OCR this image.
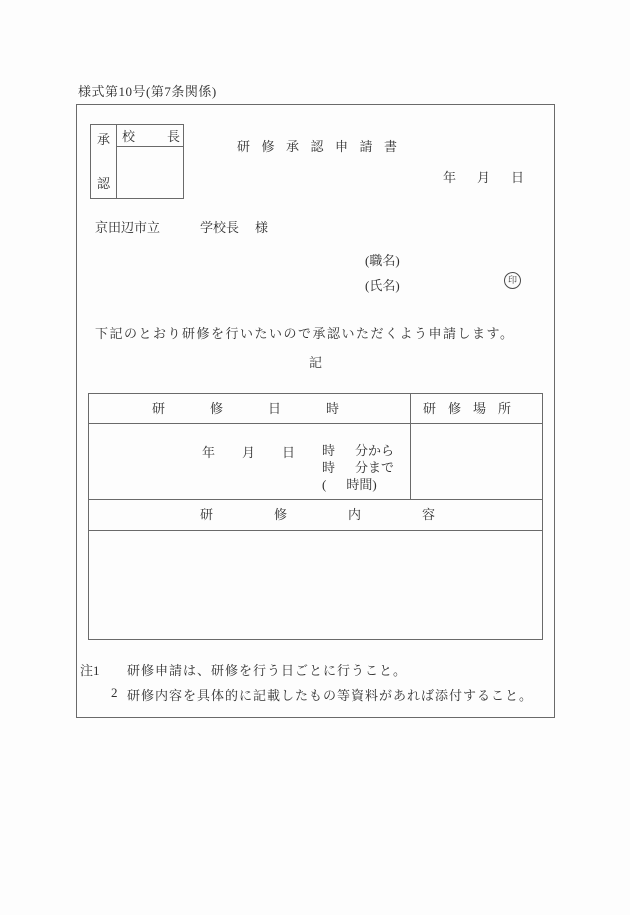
様式第10号(第7条関係)
承
認
校 長
研修承認申請書
年 月 日
京田辺市立	学校長 様
(職名)
(氏名)	印
下記のとおり研修を行いたいので承認いただくよう申請します。
記
研修日時	研修場所
年 月 日 時 分から
時 分まで
( 時間)
研修内容
注1	研修申請は、研修を行う日ごとに行うこと。
2 研修内容を具体的に記載したもの等資料があれば添付すること。
